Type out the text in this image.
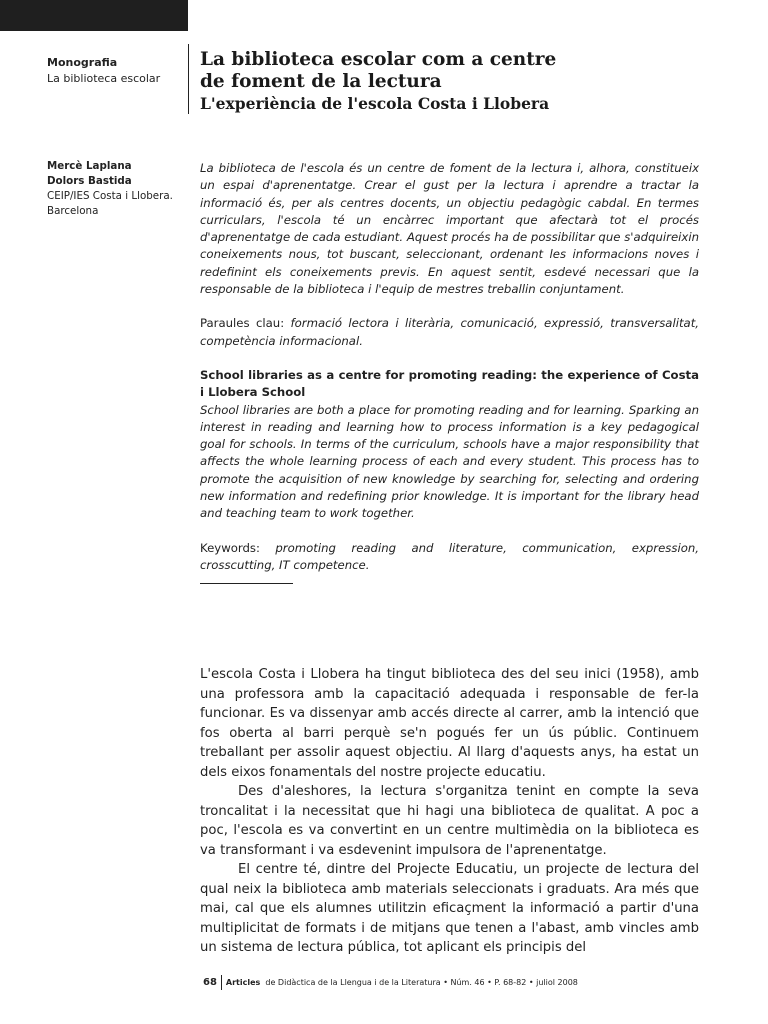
Monografia
La biblioteca escolar
La biblioteca escolar com a centre
de foment de la lectura
L'experiència de l'escola Costa i Llobera
Mercè Laplana
Dolors Bastida
CEIP/IES Costa i Llobera.
Barcelona

La biblioteca de l'escola és un centre de foment de la lectura i, alhora, constitueix un espai d'aprenentatge. Crear el gust per la lectura i aprendre a tractar la informació és, per als centres docents, un objectiu pedagògic cabdal. En termes curriculars, l'escola té un encàrrec important que afectarà tot el procés d'aprenentatge de cada estudiant. Aquest procés ha de possibilitar que s'adquireixin coneixements nous, tot buscant, seleccionant, ordenant les informacions noves i redefinint els coneixements previs. En aquest sentit, esdevé necessari que la responsable de la biblioteca i l'equip de mestres treballin conjuntament.

Paraules clau: formació lectora i literària, comunicació, expressió, transversalitat, competència informacional.

School libraries as a centre for promoting reading: the experience of Costa i Llobera School

School libraries are both a place for promoting reading and for learning. Sparking an interest in reading and learning how to process information is a key pedagogical goal for schools. In terms of the curriculum, schools have a major responsibility that affects the whole learning process of each and every student. This process has to promote the acquisition of new knowledge by searching for, selecting and ordering new information and redefining prior knowledge. It is important for the library head and teaching team to work together.

Keywords: promoting reading and literature, communication, expression, crosscutting, IT competence.

L'escola Costa i Llobera ha tingut biblioteca des del seu inici (1958), amb una professora amb la capacitació adequada i responsable de fer-la funcionar. Es va dissenyar amb accés directe al carrer, amb la intenció que fos oberta al barri perquè se'n pogués fer un ús públic. Continuem treballant per assolir aquest objectiu. Al llarg d'aquests anys, ha estat un dels eixos fonamentals del nostre projecte educatiu.

Des d'aleshores, la lectura s'organitza tenint en compte la seva troncalitat i la necessitat que hi hagi una biblioteca de qualitat. A poc a poc, l'escola es va convertint en un centre multimèdia on la biblioteca es va transformant i va esdevenint impulsora de l'aprenentatge.

El centre té, dintre del Projecte Educatiu, un projecte de lectura del qual neix la biblioteca amb materials seleccionats i graduats. Ara més que mai, cal que els alumnes utilitzin eficaçment la informació a partir d'una multiplicitat de formats i de mitjans que tenen a l'abast, amb vincles amb un sistema de lectura pública, tot aplicant els principis del

68 Articles de Didàctica de la Llengua i de la Literatura • Núm. 46 • P. 68-82 • juliol 2008
